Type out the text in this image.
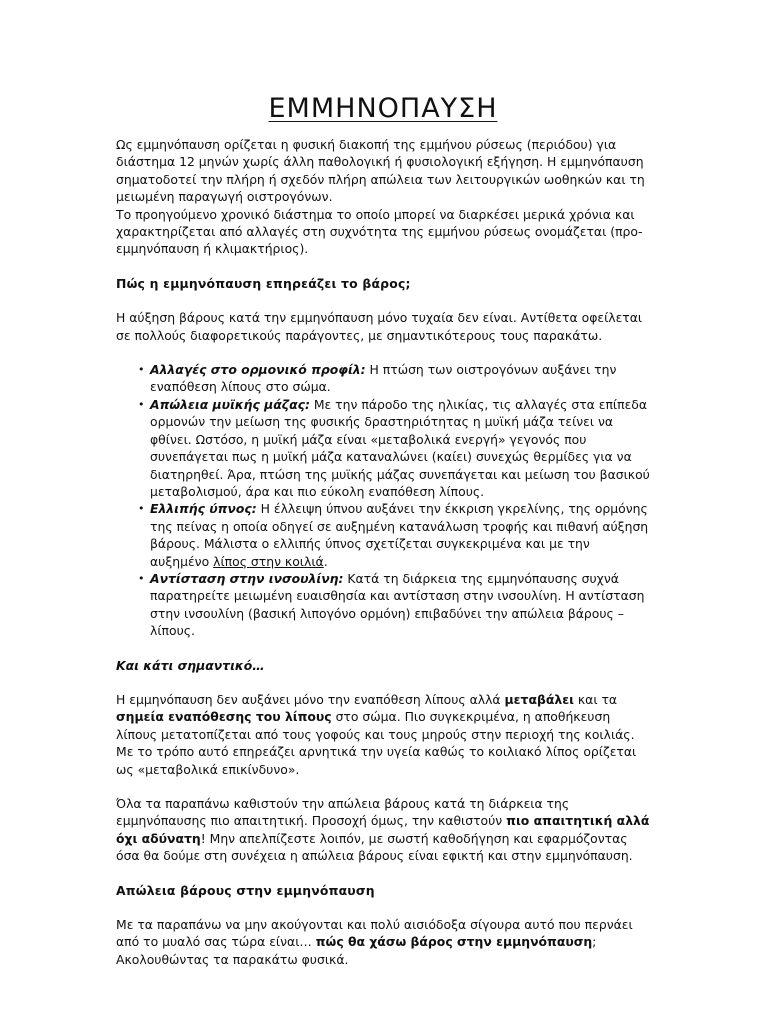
ΕΜΜΗΝΟΠΑΥΣΗ

Ως εμμηνόπαυση ορίζεται η φυσική διακοπή της εμμήνου ρύσεως (περιόδου) για διάστημα 12 μηνών χωρίς άλλη παθολογική ή φυσιολογική εξήγηση. Η εμμηνόπαυση σηματοδοτεί την πλήρη ή σχεδόν πλήρη απώλεια των λειτουργικών ωοθηκών και τη μειωμένη παραγωγή οιστρογόνων.

Το προηγούμενο χρονικό διάστημα το οποίο μπορεί να διαρκέσει μερικά χρόνια και χαρακτηρίζεται από αλλαγές στη συχνότητα της εμμήνου ρύσεως ονομάζεται (προ-εμμηνόπαυση ή κλιμακτήριος).

Πώς η εμμηνόπαυση επηρεάζει το βάρος;

Η αύξηση βάρους κατά την εμμηνόπαυση μόνο τυχαία δεν είναι. Αντίθετα οφείλεται σε πολλούς διαφορετικούς παράγοντες, με σημαντικότερους τους παρακάτω.

• Αλλαγές στο ορμονικό προφίλ: Η πτώση των οιστρογόνων αυξάνει την εναπόθεση λίπους στο σώμα.
• Απώλεια μυϊκής μάζας: Με την πάροδο της ηλικίας, τις αλλαγές στα επίπεδα ορμονών την μείωση της φυσικής δραστηριότητας η μυϊκή μάζα τείνει να φθίνει. Ωστόσο, η μυϊκή μάζα είναι «μεταβολικά ενεργή» γεγονός που συνεπάγεται πως η μυϊκή μάζα καταναλώνει (καίει) συνεχώς θερμίδες για να διατηρηθεί. Άρα, πτώση της μυϊκής μάζας συνεπάγεται και μείωση του βασικού μεταβολισμού, άρα και πιο εύκολη εναπόθεση λίπους.
• Ελλιπής ύπνος: Η έλλειψη ύπνου αυξάνει την έκκριση γκρελίνης, της ορμόνης της πείνας η οποία οδηγεί σε αυξημένη κατανάλωση τροφής και πιθανή αύξηση βάρους. Μάλιστα ο ελλιπής ύπνος σχετίζεται συγκεκριμένα και με την αυξημένο λίπος στην κοιλιά.
• Αντίσταση στην ινσουλίνη: Κατά τη διάρκεια της εμμηνόπαυσης συχνά παρατηρείτε μειωμένη ευαισθησία και αντίσταση στην ινσουλίνη. Η αντίσταση στην ινσουλίνη (βασική λιπογόνο ορμόνη) επιβαδύνει την απώλεια βάρους – λίπους.

Και κάτι σημαντικό…

Η εμμηνόπαυση δεν αυξάνει μόνο την εναπόθεση λίπους αλλά μεταβάλει και τα σημεία εναπόθεσης του λίπους στο σώμα. Πιο συγκεκριμένα, η αποθήκευση λίπους μετατοπίζεται από τους γοφούς και τους μηρούς στην περιοχή της κοιλιάς. Με το τρόπο αυτό επηρεάζει αρνητικά την υγεία καθώς το κοιλιακό λίπος ορίζεται ως «μεταβολικά επικίνδυνο».

Όλα τα παραπάνω καθιστούν την απώλεια βάρους κατά τη διάρκεια της εμμηνόπαυσης πιο απαιτητική. Προσοχή όμως, την καθιστούν πιο απαιτητική αλλά όχι αδύνατη! Μην απελπίζεστε λοιπόν, με σωστή καθοδήγηση και εφαρμόζοντας όσα θα δούμε στη συνέχεια η απώλεια βάρους είναι εφικτή και στην εμμηνόπαυση.

Απώλεια βάρους στην εμμηνόπαυση

Με τα παραπάνω να μην ακούγονται και πολύ αισιόδοξα σίγουρα αυτό που περνάει από το μυαλό σας τώρα είναι… πώς θα χάσω βάρος στην εμμηνόπαυση; Ακολουθώντας τα παρακάτω φυσικά.
